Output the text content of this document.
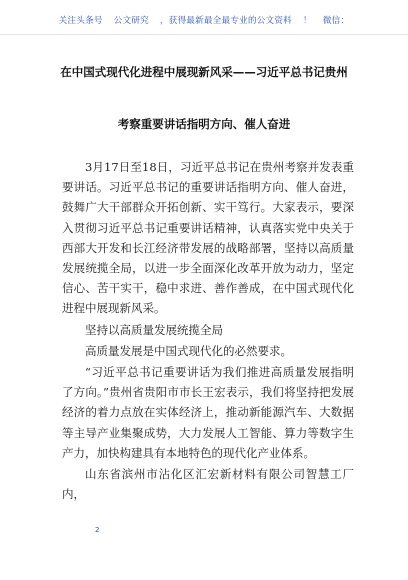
关注头条号 公文研究 ，获得最新最全最专业的公文资料 ！ 微信：
在中国式现代化进程中展现新风采——习近平总书记贵州
考察重要讲话指明方向、催人奋进

3月17日至18日，习近平总书记在贵州考察并发表重要讲话。习近平总书记的重要讲话指明方向、催人奋进，鼓舞广大干部群众开拓创新、实干笃行。大家表示，要深入贯彻习近平总书记重要讲话精神，认真落实党中央关于西部大开发和长江经济带发展的战略部署，坚持以高质量发展统揽全局，以进一步全面深化改革开放为动力，坚定信心、苦干实干，稳中求进、善作善成，在中国式现代化进程中展现新风采。

坚持以高质量发展统揽全局

高质量发展是中国式现代化的必然要求。

“习近平总书记重要讲话为我们推进高质量发展指明了方向。”贵州省贵阳市市长王宏表示，我们将坚持把发展经济的着力点放在实体经济上，推动新能源汽车、大数据等主导产业集聚成势，大力发展人工智能、算力等数字生产力，加快构建具有本地特色的现代化产业体系。

山东省滨州市沾化区汇宏新材料有限公司智慧工厂内，

2
